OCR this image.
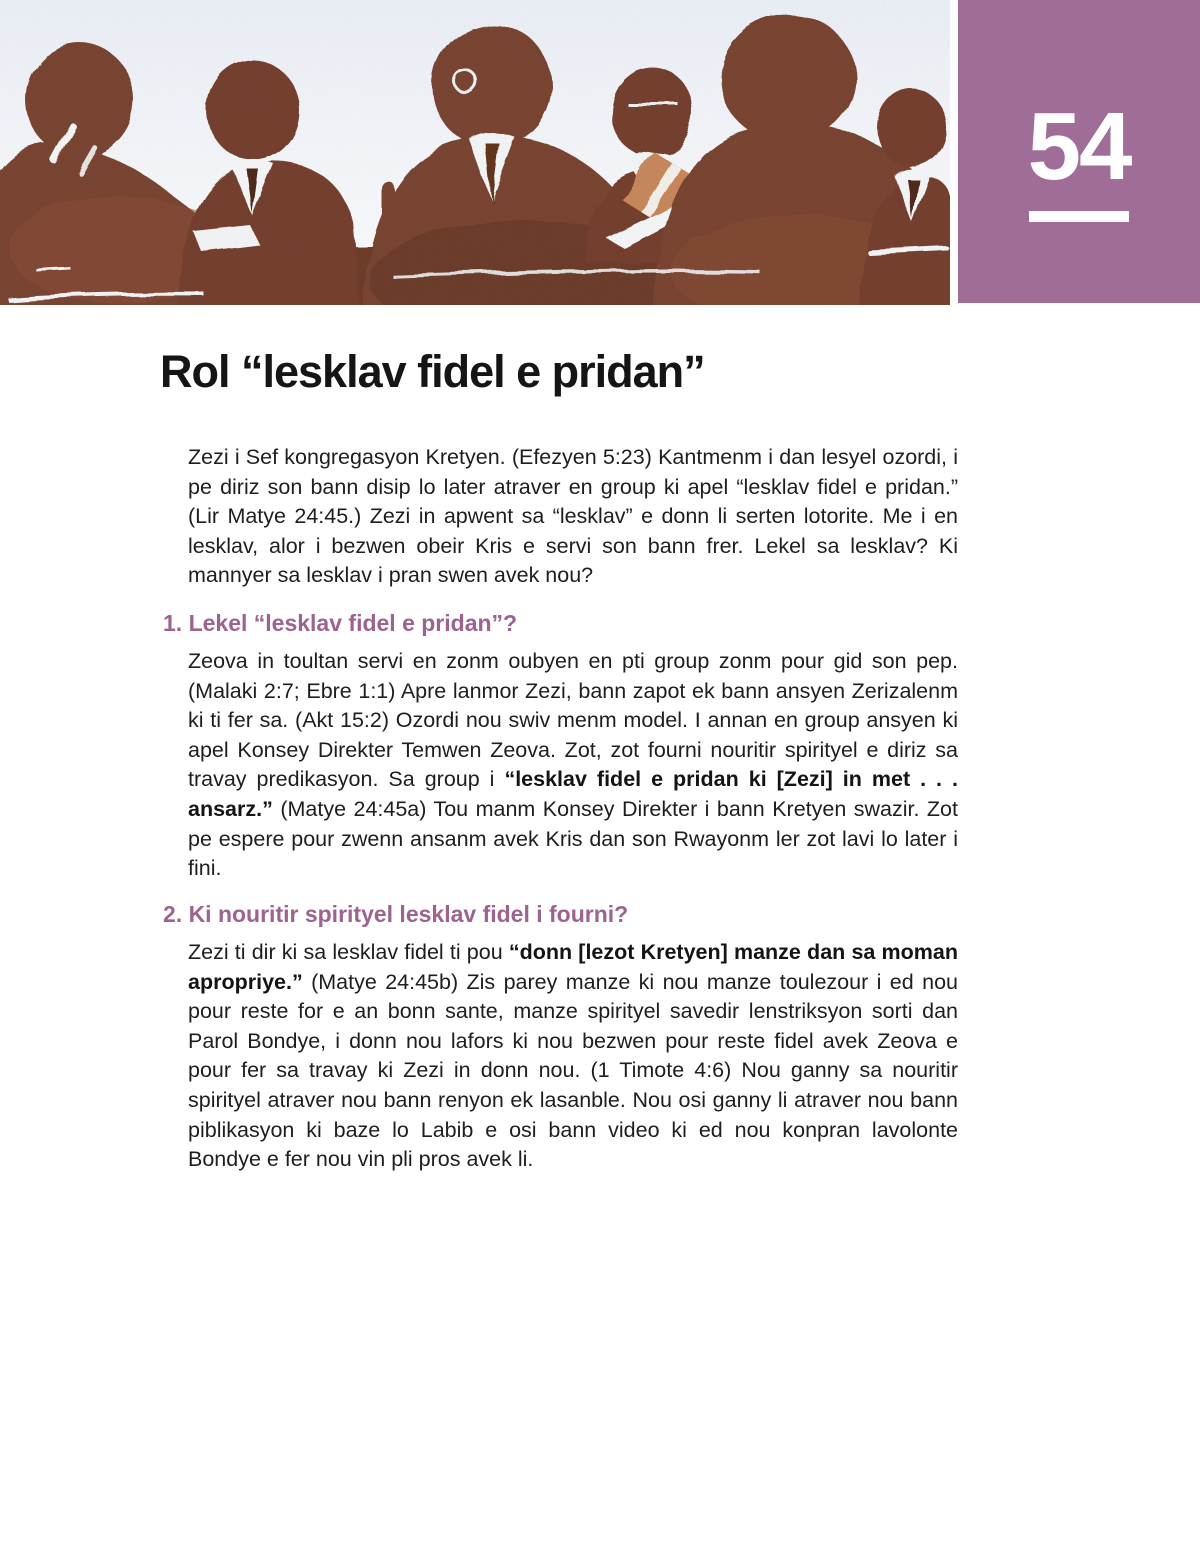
54
Rol “lesklav fidel e pridan”

Zezi i Sef kongregasyon Kretyen. (Efezyen 5:23) Kantmenm i dan lesyel ozordi, i pe diriz son bann disip lo later atraver en group ki apel “lesklav fidel e pridan.” (Lir Matye 24:45.) Zezi in apwent sa “lesklav” e donn li serten lotorite. Me i en lesklav, alor i bezwen obeir Kris e servi son bann frer. Lekel sa lesklav? Ki mannyer sa lesklav i pran swen avek nou?

1. Lekel “lesklav fidel e pridan”?

Zeova in toultan servi en zonm oubyen en pti group zonm pour gid son pep. (Malaki 2:7; Ebre 1:1) Apre lanmor Zezi, bann zapot ek bann ansyen Zerizalenm ki ti fer sa. (Akt 15:2) Ozordi nou swiv menm model. I annan en group ansyen ki apel Konsey Direkter Temwen Zeova. Zot, zot fourni nouritir spirityel e diriz sa travay predikasyon. Sa group i “lesklav fidel e pridan ki [Zezi] in met . . . ansarz.” (Matye 24:45a) Tou manm Konsey Direkter i bann Kretyen swazir. Zot pe espere pour zwenn ansanm avek Kris dan son Rwayonm ler zot lavi lo later i fini.

2. Ki nouritir spirityel lesklav fidel i fourni?

Zezi ti dir ki sa lesklav fidel ti pou “donn [lezot Kretyen] manze dan sa moman apropriye.” (Matye 24:45b) Zis parey manze ki nou manze toulezour i ed nou pour reste for e an bonn sante, manze spirityel savedir lenstriksyon sorti dan Parol Bondye, i donn nou lafors ki nou bezwen pour reste fidel avek Zeova e pour fer sa travay ki Zezi in donn nou. (1 Timote 4:6) Nou ganny sa nouritir spirityel atraver nou bann renyon ek lasanble. Nou osi ganny li atraver nou bann piblikasyon ki baze lo Labib e osi bann video ki ed nou konpran lavolonte Bondye e fer nou vin pli pros avek li.
